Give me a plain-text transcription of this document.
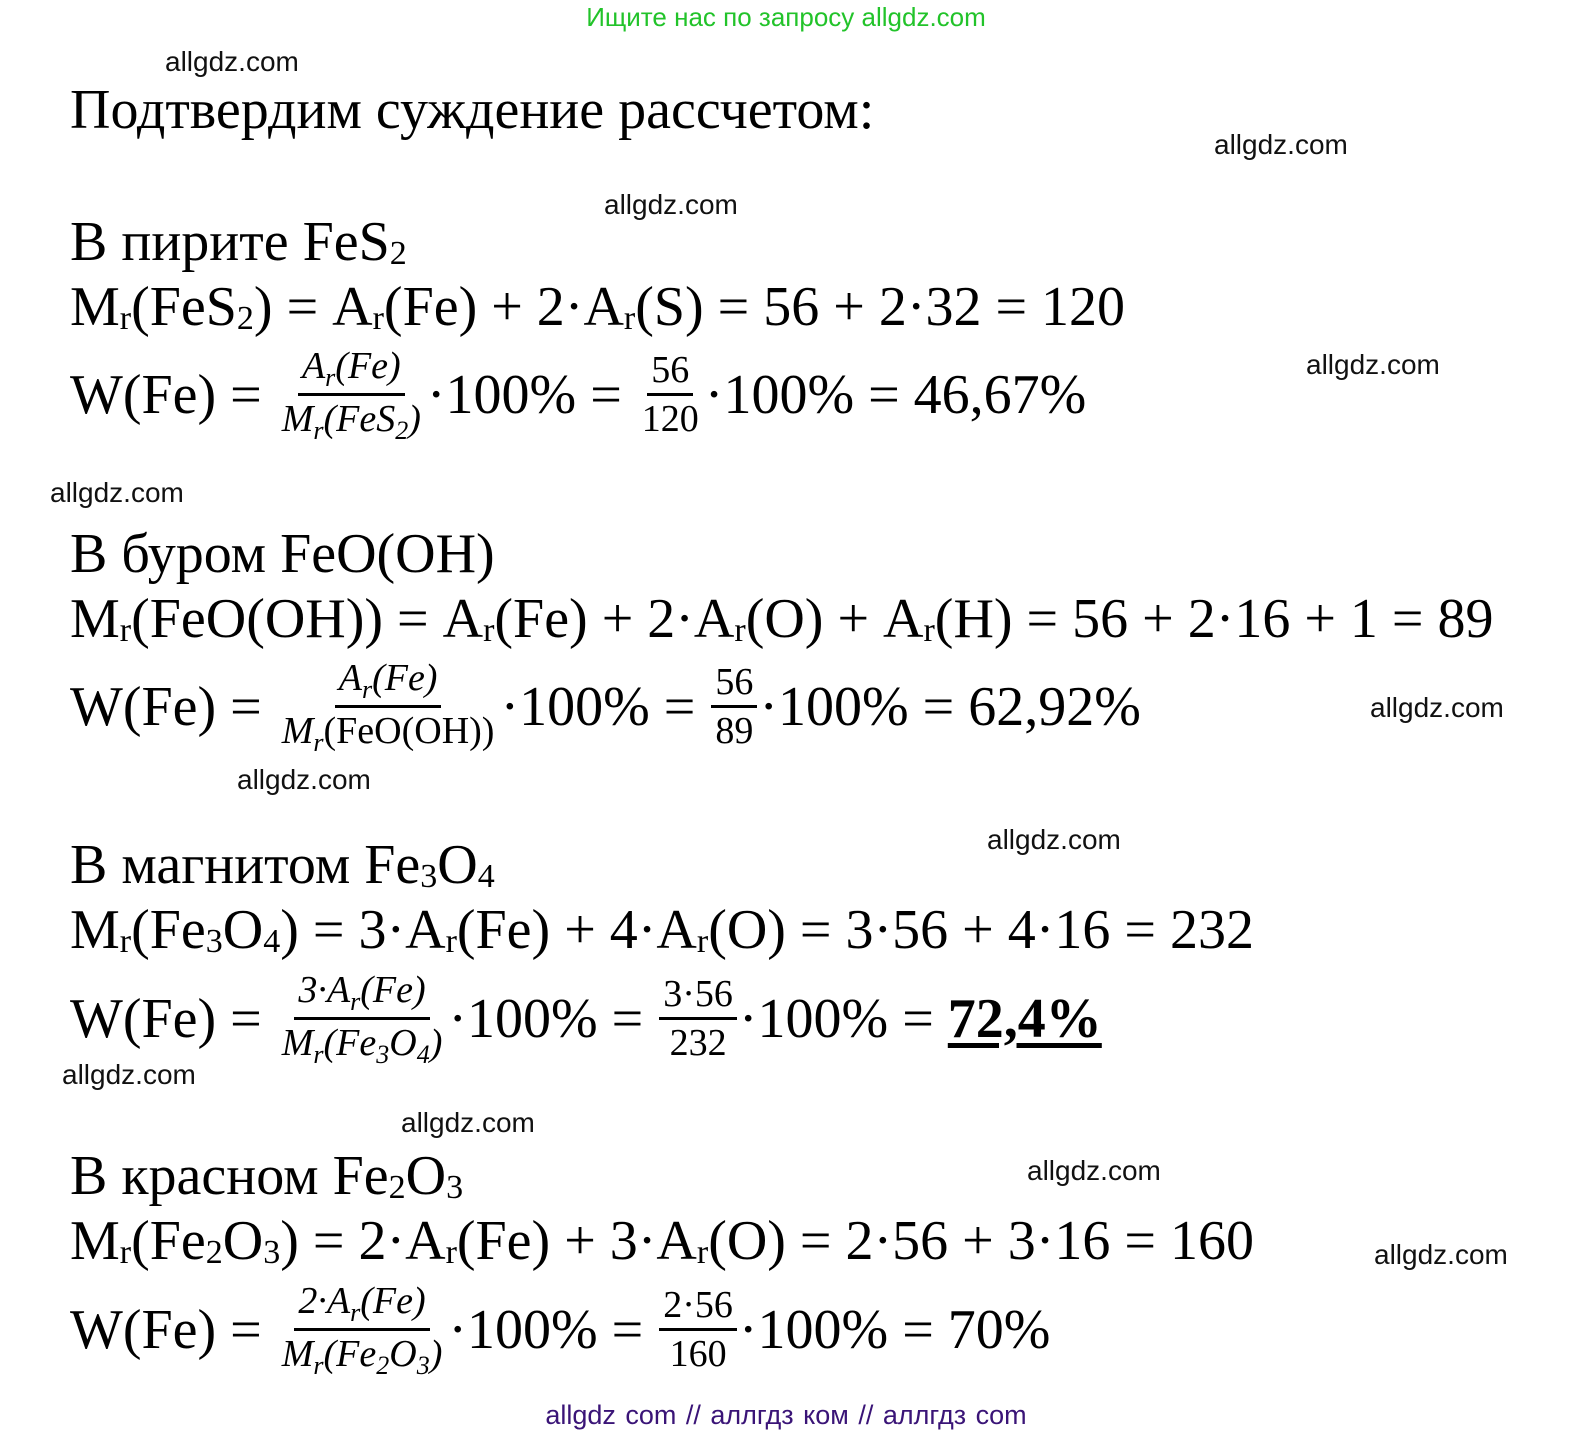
Ищите нас по запросу allgdz.com
Подтвердим суждение рассчетом:
allgdz.com
allgdz.com
allgdz.com
allgdz.com
allgdz.com
allgdz.com
allgdz.com
allgdz.com
allgdz.com
allgdz.com
allgdz.com
allgdz.com
В пирите FeS 2
M r (FeS 2 ) = A r (Fe) + 2·A r (S) = 56 + 2·32 = 120
$W(Fe) = \frac{A_r(Fe)}{M_r(FeS_2)} \cdot 100\% = \frac{56}{120} \cdot 100\% = 46,67\%$
В буром FeO(OH)
M r (FeO(OH)) = A r (Fe) + 2·A r (O) + A r (H) = 56 + 2·16 + 1 = 89
$W(Fe) = \frac{A_r(Fe)}{M_r(FeO(OH))} \cdot 100\% = \frac{56}{89} \cdot 100\% = 62,92\%$
В магнитом Fe 3 O 4
M r (Fe 3 O 4 ) = 3·A r (Fe) + 4·A r (O) = 3·56 + 4·16 = 232
$W(Fe) = \frac{3\cdot A_r(Fe)}{M_r(Fe_3O_4)} \cdot 100\% = \frac{3\cdot 56}{232} \cdot 100\% = 72,4\%$
В красном Fe 2 O 3
M r (Fe 2 O 3 ) = 2·A r (Fe) + 3·A r (O) = 2·56 + 3·16 = 160
$W(Fe) = \frac{2\cdot A_r(Fe)}{M_r(Fe_2O_3)} \cdot 100\% = \frac{2\cdot 56}{160} \cdot 100\% = 70\%$
allgdz com // аллгдз ком // аллгдз com
